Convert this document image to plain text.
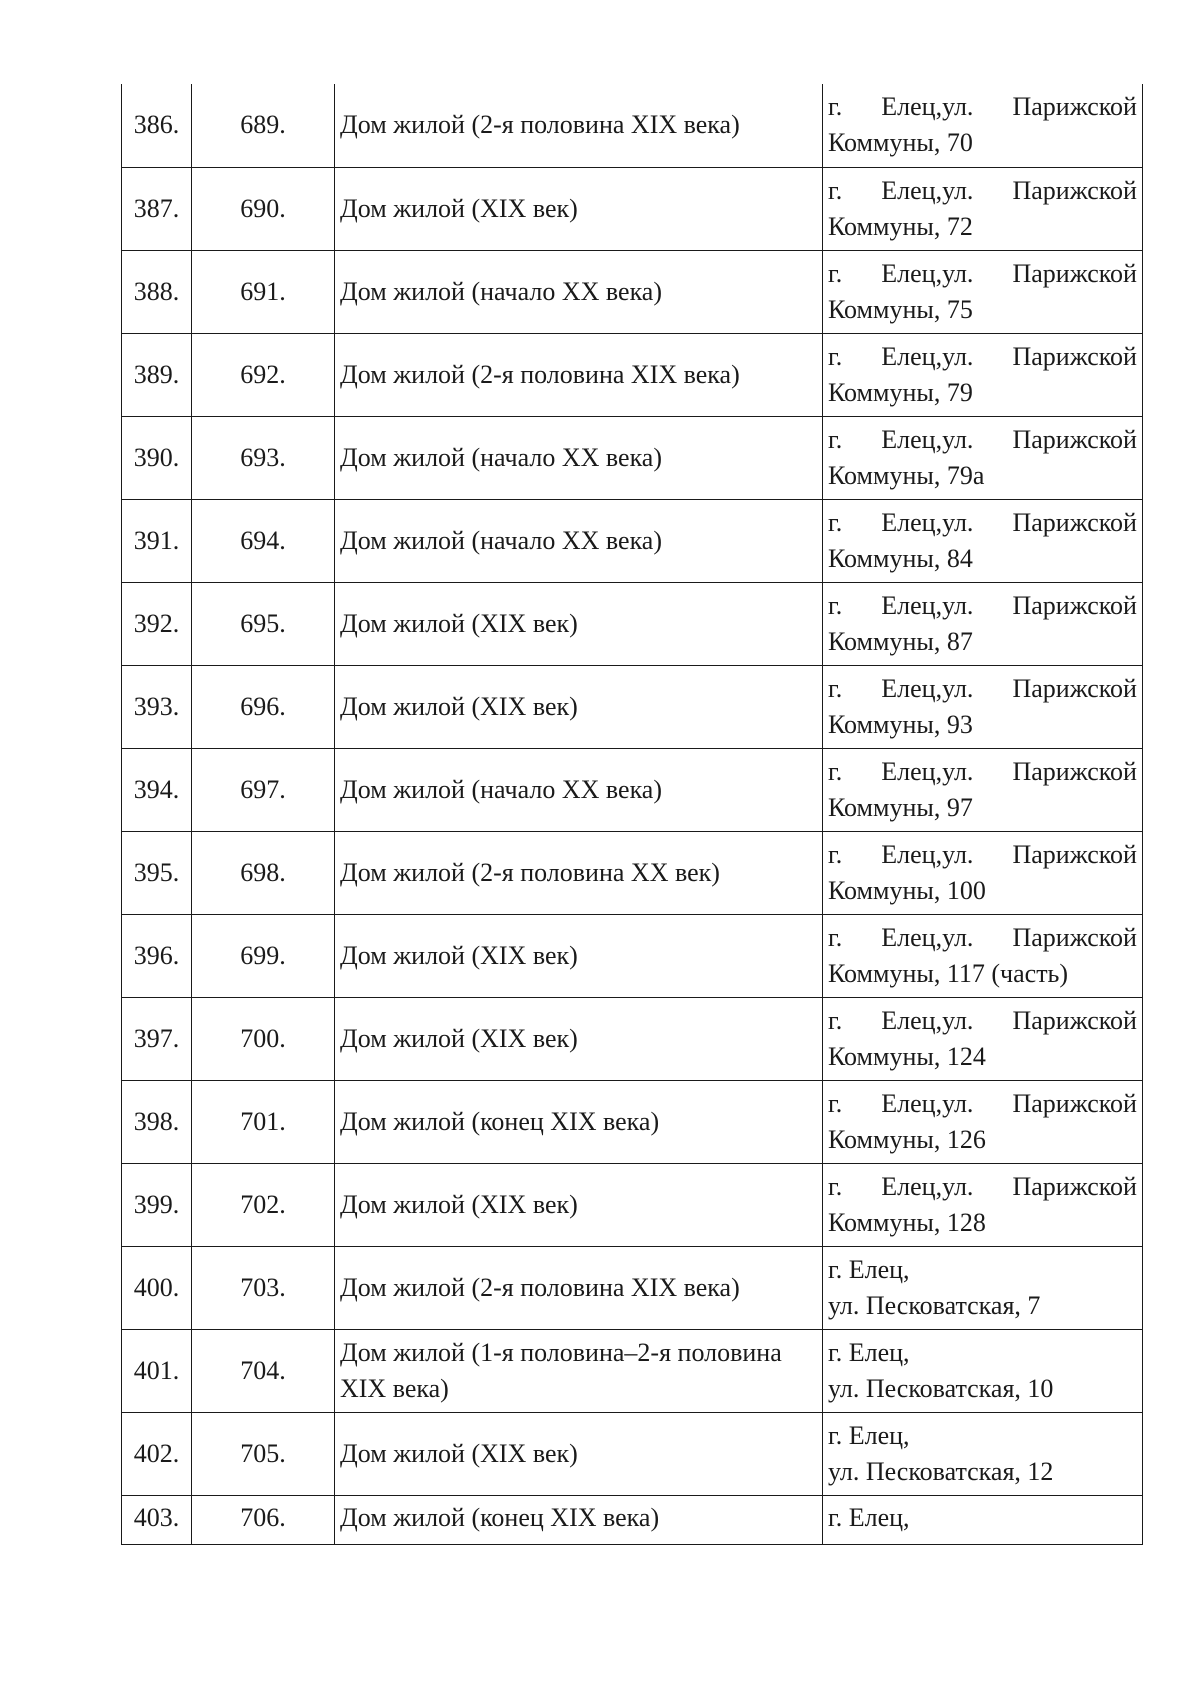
386.	689.	Дом жилой (2-я половина XIX века)	г. Елец,ул. Парижской
Коммуны, 70

387.	690.	Дом жилой (XIX век)	г. Елец,ул. Парижской
Коммуны, 72

388.	691.	Дом жилой (начало XX века)	г. Елец,ул. Парижской
Коммуны, 75

389.	692.	Дом жилой (2-я половина XIX века)	г. Елец,ул. Парижской
Коммуны, 79

390.	693.	Дом жилой (начало XX века)	г. Елец,ул. Парижской
Коммуны, 79а

391.	694.	Дом жилой (начало XX века)	г. Елец,ул. Парижской
Коммуны, 84

392.	695.	Дом жилой (XIX век)	г. Елец,ул. Парижской
Коммуны, 87

393.	696.	Дом жилой (XIX век)	г. Елец,ул. Парижской
Коммуны, 93

394.	697.	Дом жилой (начало XX века)	г. Елец,ул. Парижской
Коммуны, 97

395.	698.	Дом жилой (2-я половина XX век)	г. Елец,ул. Парижской
Коммуны, 100

396.	699.	Дом жилой (XIX век)	г. Елец,ул. Парижской
Коммуны, 117 (часть)

397.	700.	Дом жилой (XIX век)	г. Елец,ул. Парижской
Коммуны, 124

398.	701.	Дом жилой (конец XIX века)	г. Елец,ул. Парижской
Коммуны, 126

399.	702.	Дом жилой (XIX век)	г. Елец,ул. Парижской
Коммуны, 128

400.	703.	Дом жилой (2-я половина XIX века)	г. Елец,
ул. Песковатская, 7

401.	704.	Дом жилой (1-я половина–2-я половина XIX века)	г. Елец,
ул. Песковатская, 10

402.	705.	Дом жилой (XIX век)	г. Елец,
ул. Песковатская, 12

403.	706.	Дом жилой (конец XIX века)	г. Елец,
